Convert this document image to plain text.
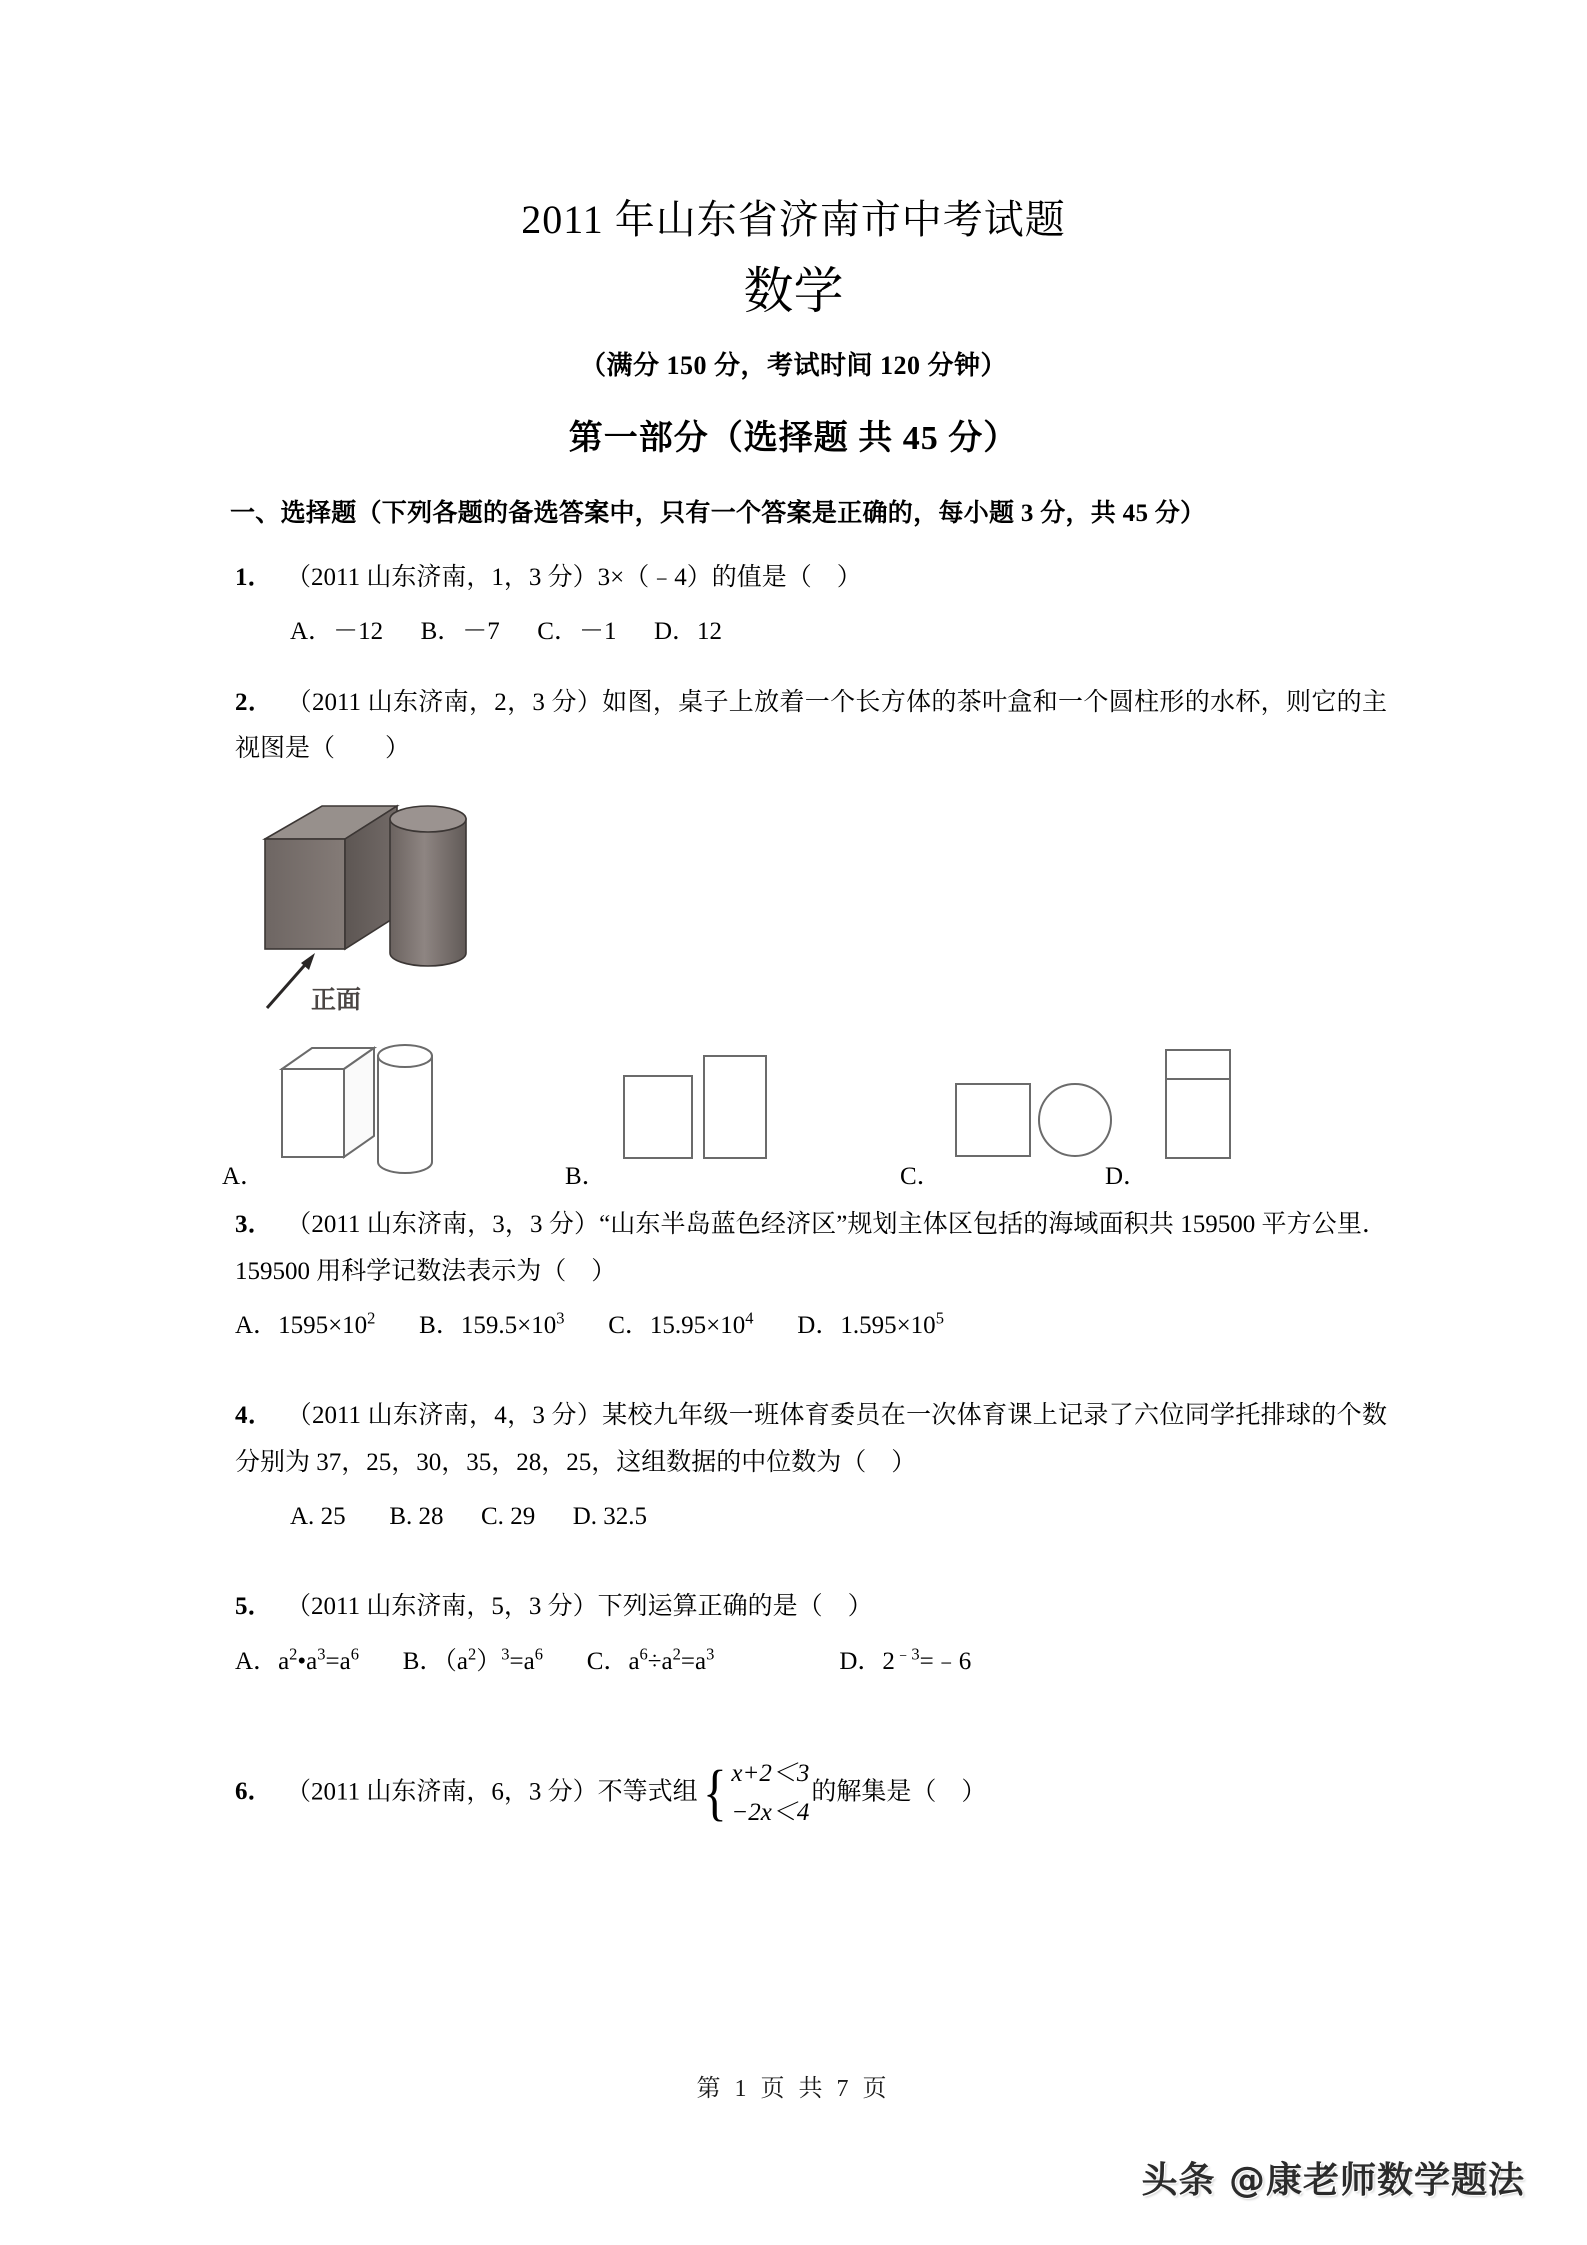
2011 年山东省济南市中考试题
数学
（满分 150 分，考试时间 120 分钟）
第一部分（选择题 共 45 分）
一、选择题（下列各题的备选答案中，只有一个答案是正确的，每小题 3 分，共 45 分）
1． （2011 山东济南，1，3 分）3×（﹣4）的值是（　）
A．－12 B．－7 C．－1 D．12
2． （2011 山东济南，2，3 分）如图，桌子上放着一个长方体的茶叶盒和一个圆柱形的水杯，则它的主视图是（　　）
正面
A．	B．	C．	D．
3． （2011 山东济南，3，3 分）“山东半岛蓝色经济区”规划主体区包括的海域面积共 159500 平方公里．159500 用科学记数法表示为（　）
A．$1595\times 10^2$ B．$159.5\times 10^3$ C．$15.95\times 10^4$ D．$1.595\times 10^5$
4． （2011 山东济南，4，3 分）某校九年级一班体育委员在一次体育课上记录了六位同学托排球的个数分别为 37，25，30，35，28，25，这组数据的中位数为（　）
A. 25 B. 28 C. 29 D. 32.5
5． （2011 山东济南，5，3 分）下列运算正确的是（　）
A．$a^2•a^3=a^6$ B．$(a^2)^3=a^6$ C．$a^6\div a^2=a^3$	D．$2^{﹣3}=﹣6$
6． （2011 山东济南，6，3 分）不等式组 { x+2＜3
−2x＜4
的解集是（　）
第 1 页 共 7 页
头条 @康老师数学题法
